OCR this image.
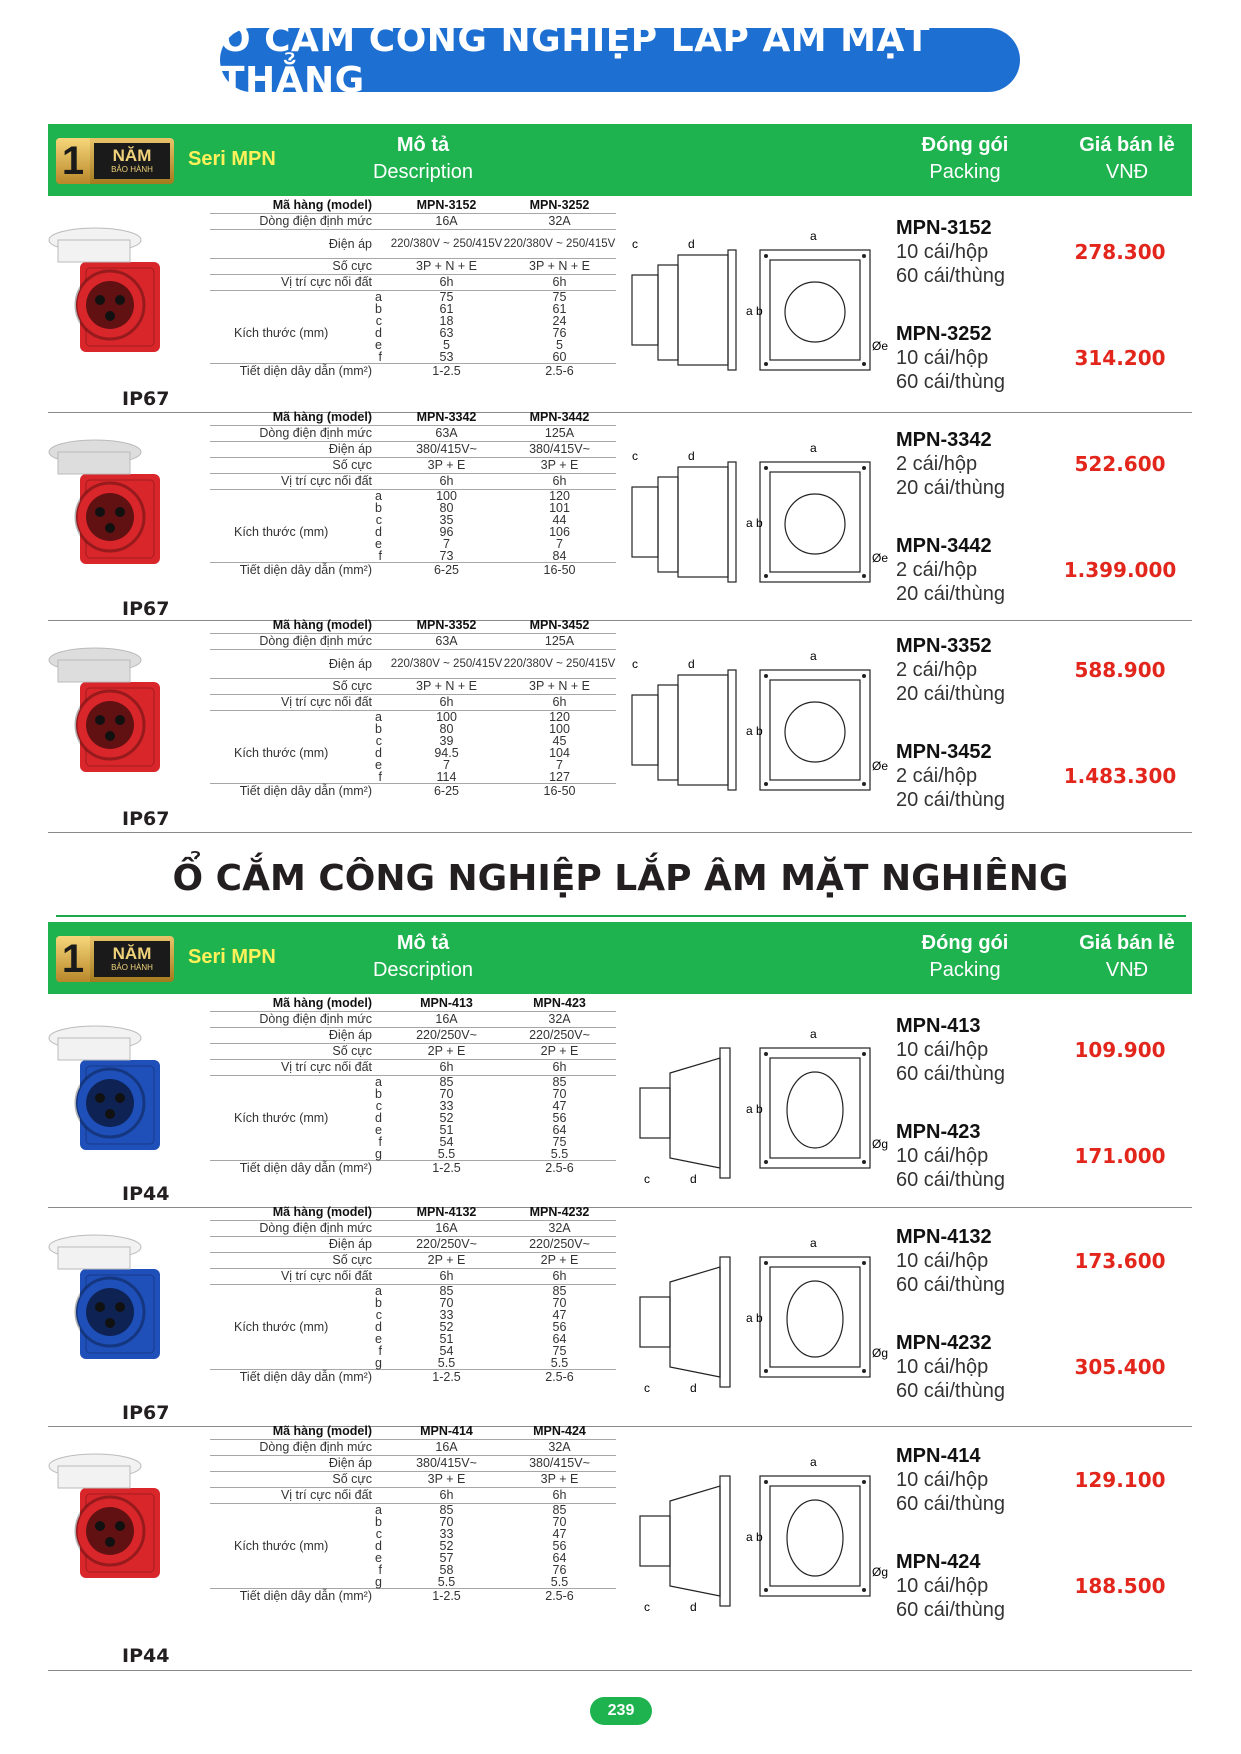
Ổ CẮM CÔNG NGHIỆP LẮP ÂM MẶT THẲNG
1	NĂM
BẢO HÀNH Seri MPN
Mô tả
Description
Đóng gói
Packing
Giá bán lẻ
VNĐ
Ổ CẮM CÔNG NGHIỆP LẮP ÂM MẶT NGHIÊNG
1	NĂM
BẢO HÀNH Seri MPN
Mô tả
Description
Đóng gói
Packing
Giá bán lẻ
VNĐ
IP67
Mã hàng (model)	MPN-3152	MPN-3252
Dòng điện định mức	16A	32A
Điện áp	220/380V ~ 250/415V	220/380V ~ 250/415V
Số cực	3P + N + E	3P + N + E
Vị trí cực nối đất	6h	6h
a	75	75
b	61	61
c	18	24

Kích thước (mm) d	63	76
e	5	5
f	53	60
Tiết diện dây dẫn (mm²)	1-2.5	2.5-6
c	d
a
a b
Øe
MPN-3152
10 cái/hộp
60 cái/thùng
278.300
MPN-3252
10 cái/hộp
60 cái/thùng
314.200
IP67
Mã hàng (model)	MPN-3342	MPN-3442
Dòng điện định mức	63A	125A
Điện áp	380/415V~	380/415V~
Số cực	3P + E	3P + E
Vị trí cực nối đất	6h	6h
a	100	120
b	80	101
c	35	44

Kích thước (mm) d	96	106
e	7	7
f	73	84
Tiết diện dây dẫn (mm²)	6-25	16-50
c	d
a
a b
Øe
MPN-3342
2 cái/hộp
20 cái/thùng
522.600
MPN-3442
2 cái/hộp
20 cái/thùng
1.399.000
IP67
Mã hàng (model)	MPN-3352	MPN-3452
Dòng điện định mức	63A	125A
Điện áp	220/380V ~ 250/415V	220/380V ~ 250/415V
Số cực	3P + N + E	3P + N + E
Vị trí cực nối đất	6h	6h
a	100	120
b	80	100
c	39	45

Kích thước (mm) d	94.5	104
e	7	7
f	114	127
Tiết diện dây dẫn (mm²)	6-25	16-50
c	d
a
a b
Øe
MPN-3352
2 cái/hộp
20 cái/thùng
588.900
MPN-3452
2 cái/hộp
20 cái/thùng
1.483.300
IP44
Mã hàng (model)	MPN-413	MPN-423
Dòng điện định mức	16A	32A
Điện áp	220/250V~	220/250V~
Số cực	2P + E	2P + E
Vị trí cực nối đất	6h	6h
a	85	85
b	70	70
c	33	47

Kích thước (mm) d	52	56
e	51	64
f	54	75
g	5.5	5.5
Tiết diện dây dẫn (mm²)	1-2.5	2.5-6
c	d
a
a b
Øg
MPN-413
10 cái/hộp
60 cái/thùng
109.900
MPN-423
10 cái/hộp
60 cái/thùng
171.000
IP67
Mã hàng (model)	MPN-4132	MPN-4232
Dòng điện định mức	16A	32A
Điện áp	220/250V~	220/250V~
Số cực	2P + E	2P + E
Vị trí cực nối đất	6h	6h
a	85	85
b	70	70
c	33	47

Kích thước (mm) d	52	56
e	51	64
f	54	75
g	5.5	5.5
Tiết diện dây dẫn (mm²)	1-2.5	2.5-6
c	d
a
a b
Øg
MPN-4132
10 cái/hộp
60 cái/thùng
173.600
MPN-4232
10 cái/hộp
60 cái/thùng
305.400
IP44
Mã hàng (model)	MPN-414	MPN-424
Dòng điện định mức	16A	32A
Điện áp	380/415V~	380/415V~
Số cực	3P + E	3P + E
Vị trí cực nối đất	6h	6h
a	85	85
b	70	70
c	33	47

Kích thước (mm) d	52	56
e	57	64
f	58	76
g	5.5	5.5
Tiết diện dây dẫn (mm²)	1-2.5	2.5-6
c	d
a
a b
Øg
MPN-414
10 cái/hộp
60 cái/thùng
129.100
MPN-424
10 cái/hộp
60 cái/thùng
188.500
239
